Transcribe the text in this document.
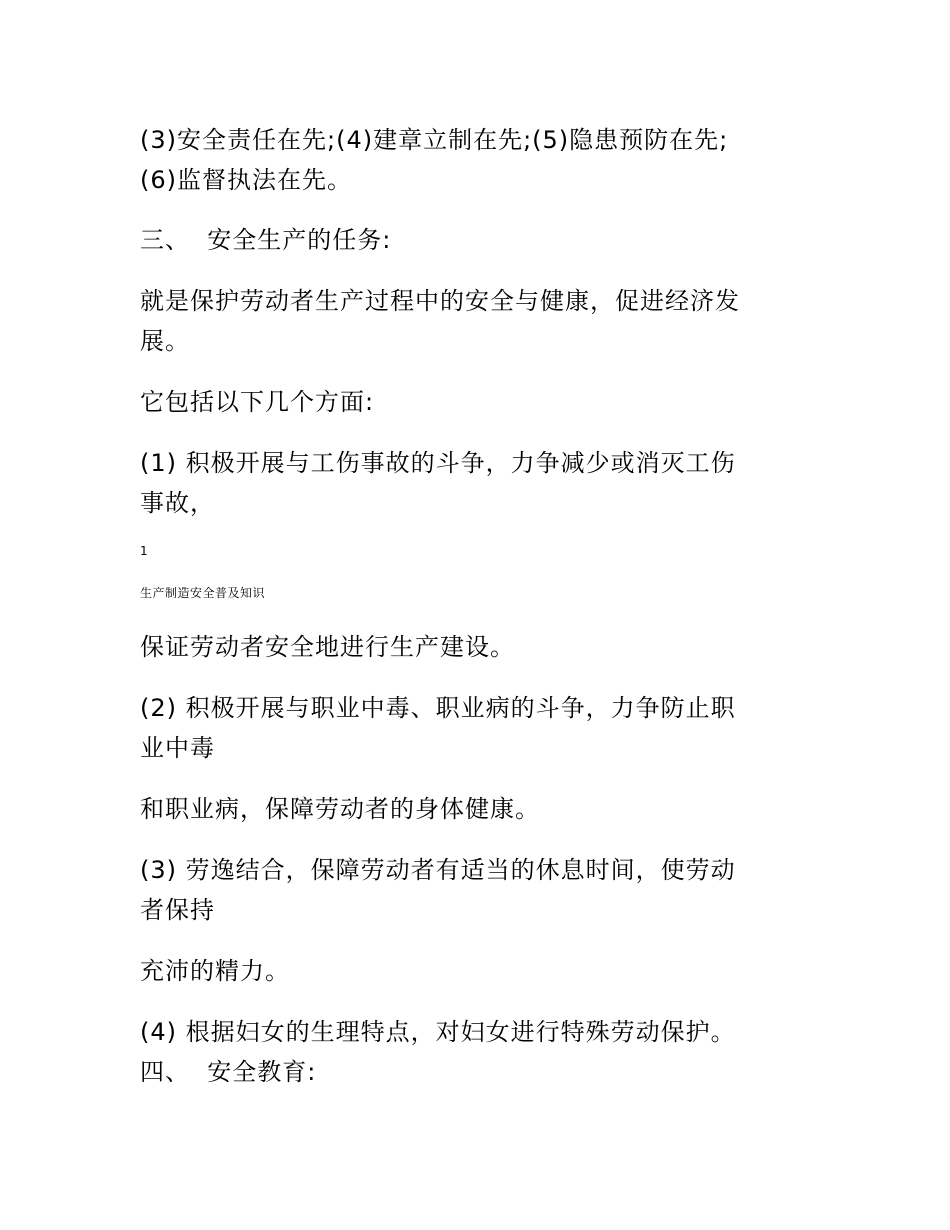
(3)安全责任在先;(4)建章立制在先;(5)隐患预防在先;
(6)监督执法在先。

三、  安全生产的任务:

就是保护劳动者生产过程中的安全与健康，促进经济发
展。

它包括以下几个方面:

(1) 积极开展与工伤事故的斗争，力争减少或消灭工伤
事故，

1

生产制造安全普及知识

保证劳动者安全地进行生产建设。

(2) 积极开展与职业中毒、职业病的斗争，力争防止职
业中毒

和职业病，保障劳动者的身体健康。

(3) 劳逸结合，保障劳动者有适当的休息时间，使劳动
者保持

充沛的精力。

(4) 根据妇女的生理特点，对妇女进行特殊劳动保护。
四、  安全教育:
